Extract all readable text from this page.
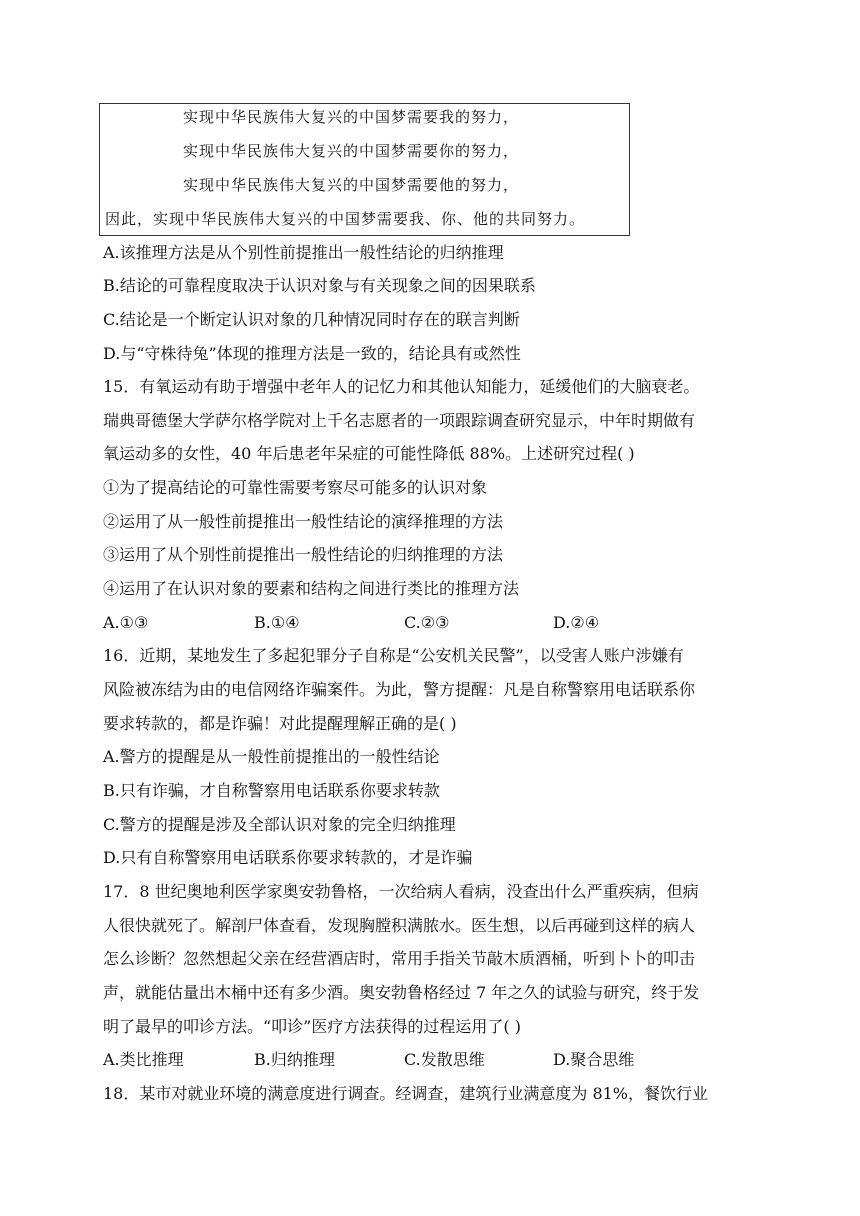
实现中华民族伟大复兴的中国梦需要我的努力，
实现中华民族伟大复兴的中国梦需要你的努力，
实现中华民族伟大复兴的中国梦需要他的努力，
因此，实现中华民族伟大复兴的中国梦需要我、你、他的共同努力。
A.该推理方法是从个别性前提推出一般性结论的归纳推理
B.结论的可靠程度取决于认识对象与有关现象之间的因果联系
C.结论是一个断定认识对象的几种情况同时存在的联言判断
D.与“守株待兔”体现的推理方法是一致的，结论具有或然性
15．有氧运动有助于增强中老年人的记忆力和其他认知能力，延缓他们的大脑衰老。
瑞典哥德堡大学萨尔格学院对上千名志愿者的一项跟踪调查研究显示，中年时期做有
氧运动多的女性，40 年后患老年呆症的可能性降低 88%。上述研究过程( )
①为了提高结论的可靠性需要考察尽可能多的认识对象
②运用了从一般性前提推出一般性结论的演绎推理的方法
③运用了从个别性前提推出一般性结论的归纳推理的方法
④运用了在认识对象的要素和结构之间进行类比的推理方法
A.①③	B.①④	C.②③	D.②④
16．近期，某地发生了多起犯罪分子自称是“公安机关民警”，以受害人账户涉嫌有
风险被冻结为由的电信网络诈骗案件。为此，警方提醒：凡是自称警察用电话联系你
要求转款的，都是诈骗！对此提醒理解正确的是( )
A.警方的提醒是从一般性前提推出的一般性结论
B.只有诈骗，才自称警察用电话联系你要求转款
C.警方的提醒是涉及全部认识对象的完全归纳推理
D.只有自称警察用电话联系你要求转款的，才是诈骗
17．8 世纪奥地利医学家奥安勃鲁格，一次给病人看病，没查出什么严重疾病，但病
人很快就死了。解剖尸体查看，发现胸膛积满脓水。医生想，以后再碰到这样的病人
怎么诊断？忽然想起父亲在经营酒店时，常用手指关节敲木质酒桶，听到卜卜的叩击
声，就能估量出木桶中还有多少酒。奥安勃鲁格经过 7 年之久的试验与研究，终于发
明了最早的叩诊方法。“叩诊”医疗方法获得的过程运用了( )
A.类比推理	B.归纳推理	C.发散思维	D.聚合思维
18．某市对就业环境的满意度进行调查。经调查，建筑行业满意度为 81%，餐饮行业
